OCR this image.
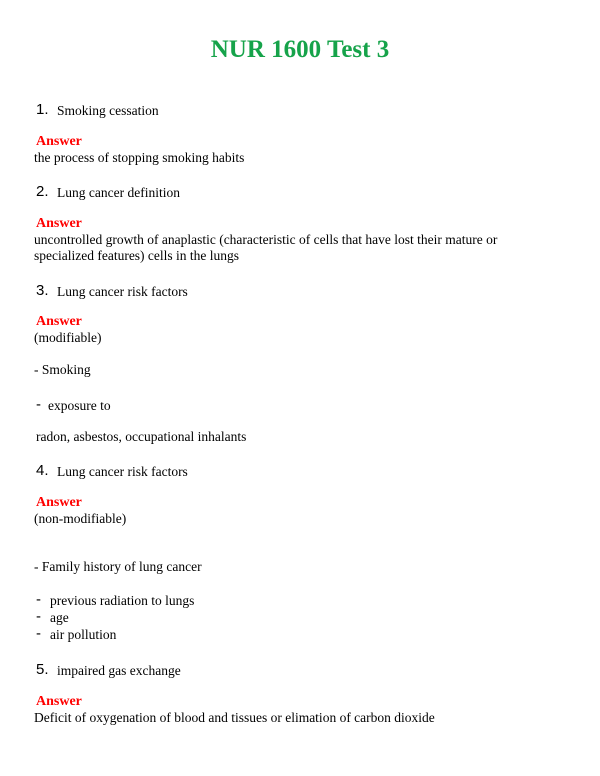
NUR 1600 Test 3
1. Smoking cessation
Answer
the process of stopping smoking habits
2. Lung cancer definition
Answer
uncontrolled growth of anaplastic (characteristic of cells that have lost their mature or specialized features) cells in the lungs
3. Lung cancer risk factors
Answer
(modifiable)
- Smoking
- exposure to
radon, asbestos, occupational inhalants
4. Lung cancer risk factors
Answer
(non-modifiable)
- Family history of lung cancer
- previous radiation to lungs
- age
- air pollution
5. impaired gas exchange
Answer
Deficit of oxygenation of blood and tissues or elimation of carbon dioxide
